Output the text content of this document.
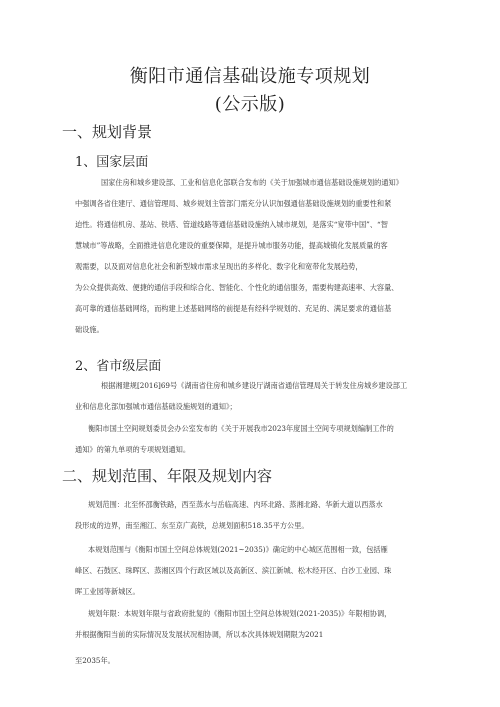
衡阳市通信基础设施专项规划
(公示版)
一、规划背景
1、国家层面
国家住房和城乡建设部、工业和信息化部联合发布的《关于加强城市通信基础设施规划的通知》
中强调各省住建厅、通信管理局、城乡规划主管部门需充分认识加强通信基础设施规划的重要性和紧
迫性。将通信机房、基站、铁塔、管道线路等通信基础设施纳入城市规划，是落实“宽带中国”、“智
慧城市”等战略，全面推进信息化建设的重要保障，是提升城市服务功能，提高城镇化发展质量的客
观需要，以及面对信息化社会和新型城市需求呈现出的多样化、数字化和宽带化发展趋势，
为公众提供高效、便捷的通信手段和综合化、智能化、个性化的通信服务，需要构建高速率、大容量、
高可靠的通信基础网络，而构建上述基础网络的前提是有经科学规划的、充足的、满足要求的通信基
础设施。
2、省市级层面
根据湘建规[2016]69号《湖南省住房和城乡建设厅湖南省通信管理局关于转发住房城乡建设部工
业和信息化部加强城市通信基础设施规划的通知》；
衡阳市国土空间规划委员会办公室发布的《关于开展我市2023年度国土空间专项规划编制工作的
通知》的第九单项的专项规划通知。
二、规划范围、年限及规划内容
规划范围：北至怀邵衡铁路，西至蒸水与岳临高速、内环北路、蒸湘北路、华新大道以西蒸水
段形成的边界，南至湘江、东至京广高铁，总规划面积518.35平方公里。
本规划范围与《衡阳市国土空间总体规划(2021~2035)》确定的中心城区范围相一致，包括雁
峰区、石鼓区、珠晖区、蒸湘区四个行政区域以及高新区、滨江新城、松木经开区、白沙工业园、珠
晖工业园等新城区。
规划年限：本规划年限与省政府批复的《衡阳市国土空间总体规划(2021-2035)》年限相协调，
并根据衡阳当前的实际情况及发展状况相协调，所以本次具体规划期限为2021
至2035年。
